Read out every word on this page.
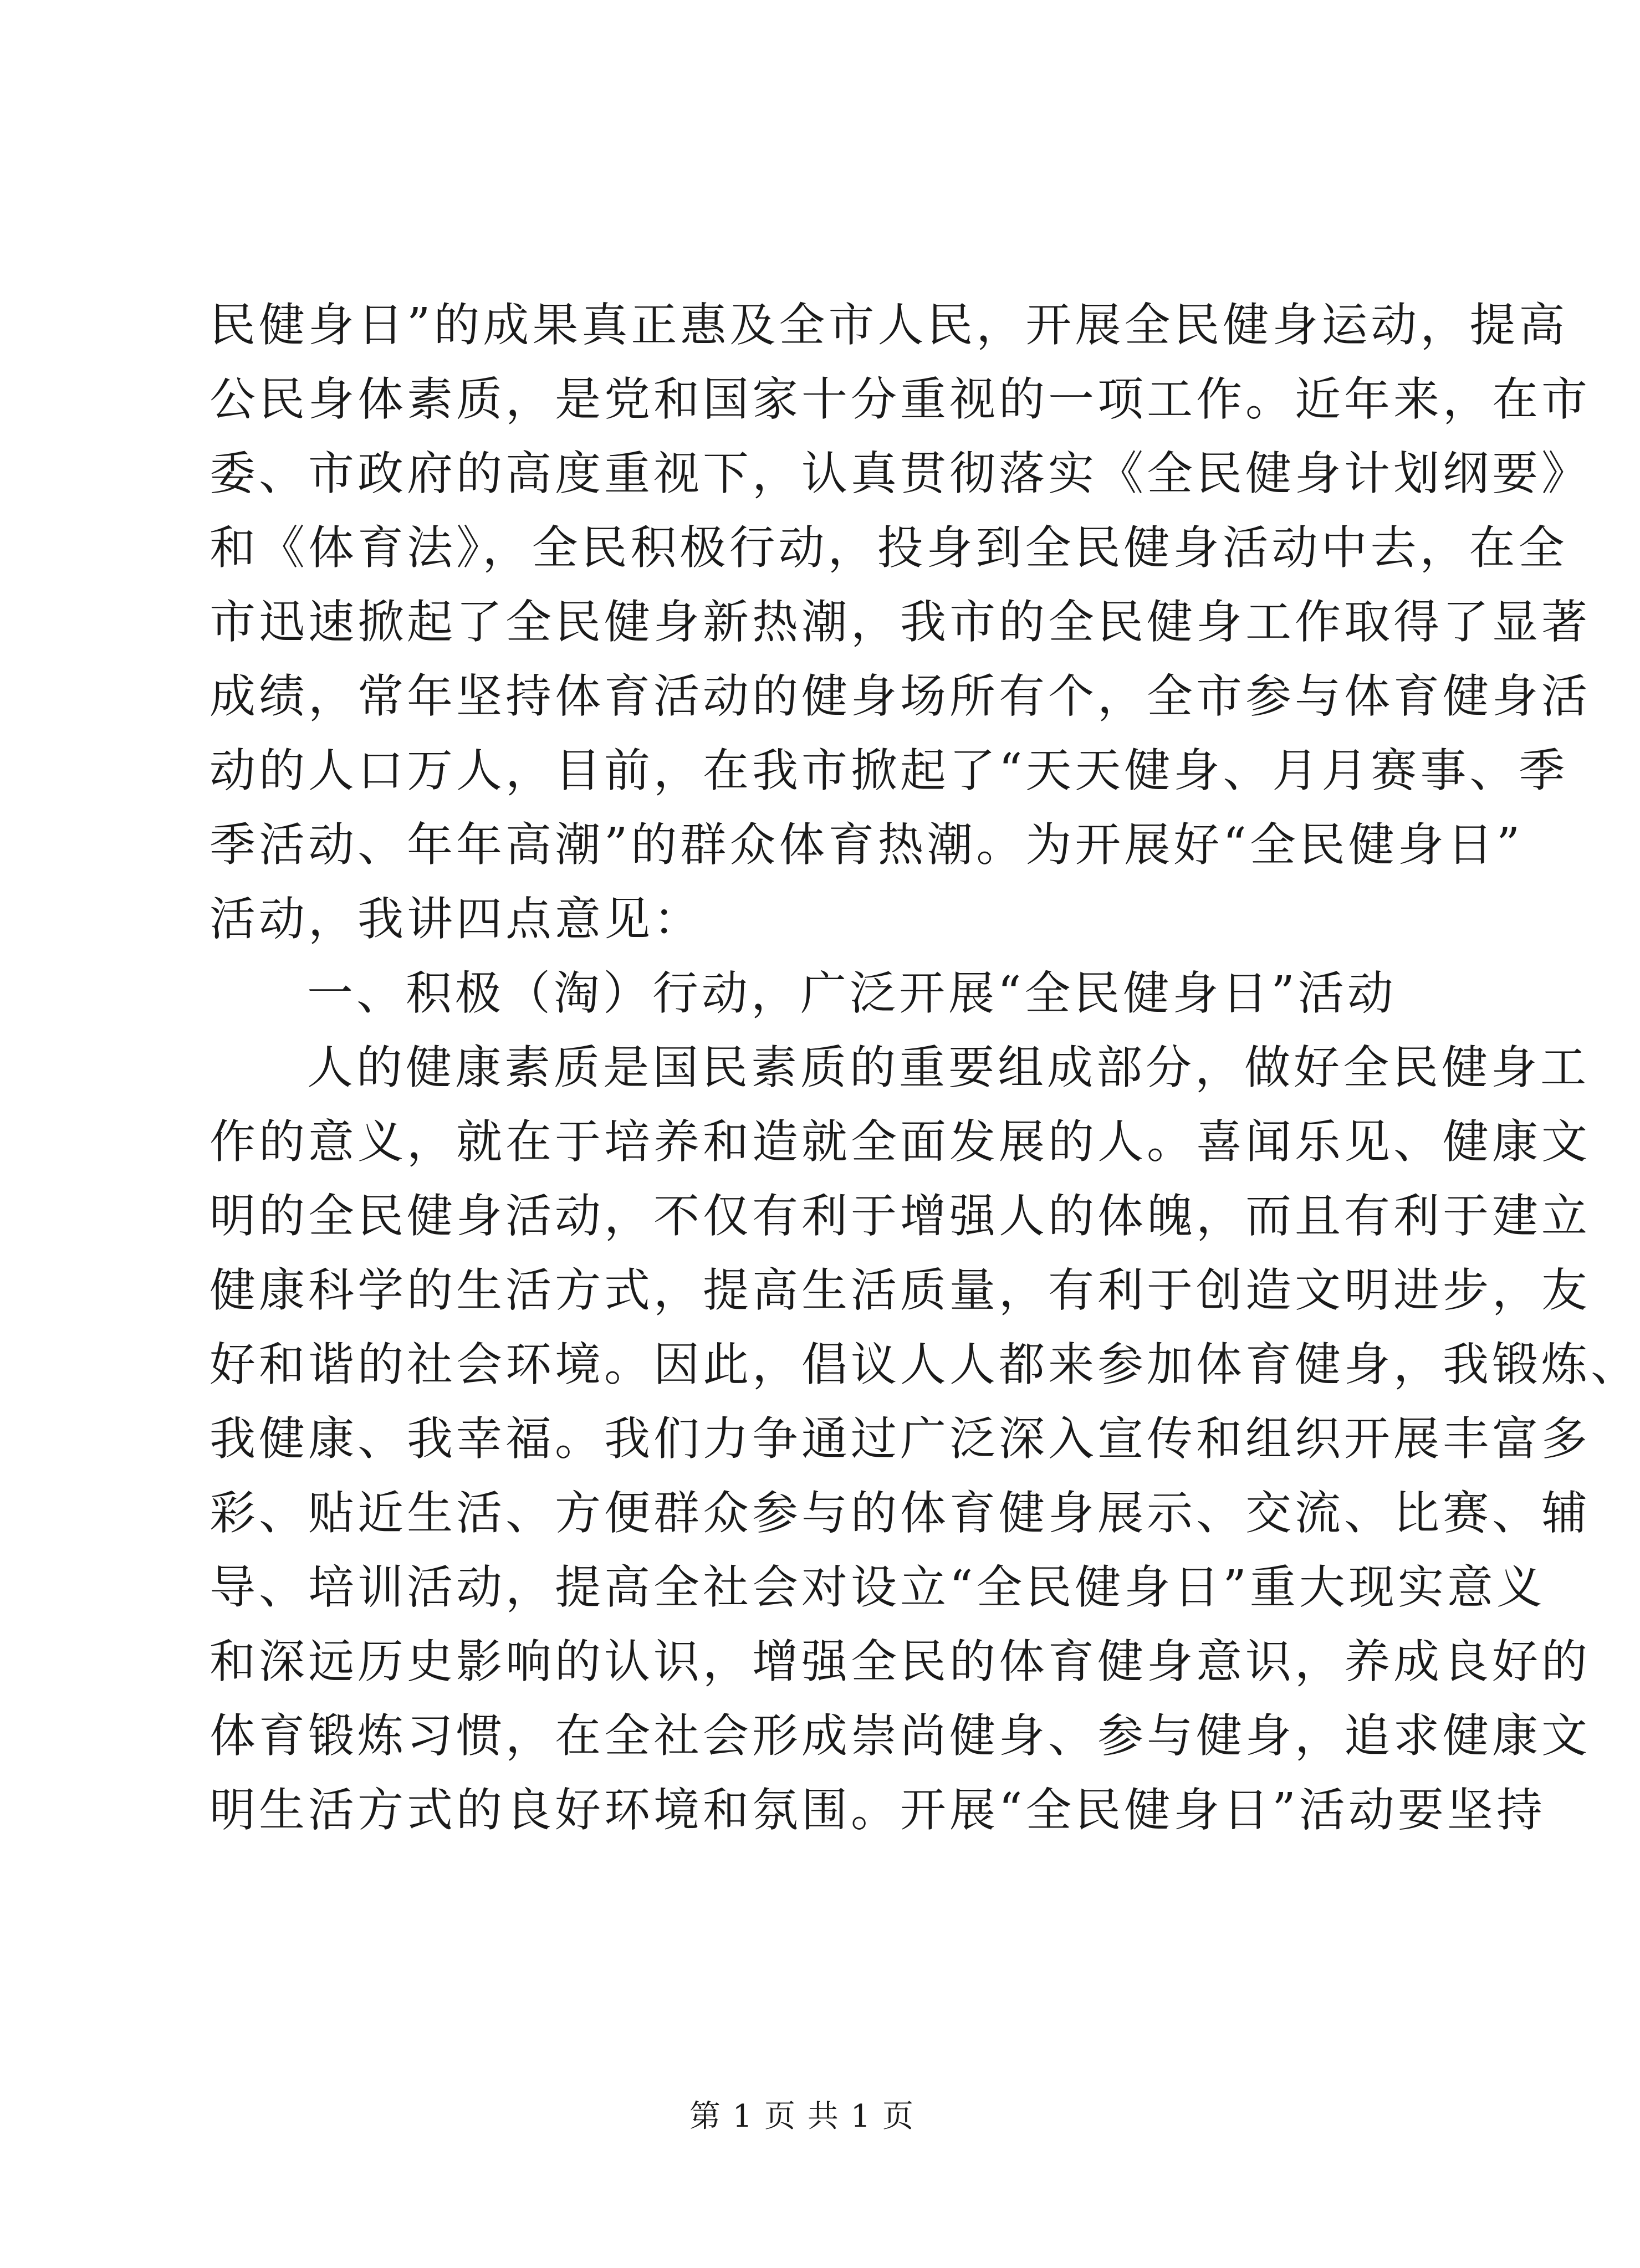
民健身日”的成果真正惠及全市人民，开展全民健身运动，提高
公民身体素质，是党和国家十分重视的一项工作。近年来，在市
委、市政府的高度重视下，认真贯彻落实《全民健身计划纲要》
和《体育法》，全民积极行动，投身到全民健身活动中去，在全
市迅速掀起了全民健身新热潮，我市的全民健身工作取得了显著
成绩，常年坚持体育活动的健身场所有个，全市参与体育健身活
动的人口万人，目前，在我市掀起了“天天健身、月月赛事、季
季活动、年年高潮”的群众体育热潮。为开展好“全民健身日”
活动，我讲四点意见：
一、积极（淘）行动，广泛开展“全民健身日”活动
人的健康素质是国民素质的重要组成部分，做好全民健身工
作的意义，就在于培养和造就全面发展的人。喜闻乐见、健康文
明的全民健身活动，不仅有利于增强人的体魄，而且有利于建立
健康科学的生活方式，提高生活质量，有利于创造文明进步，友
好和谐的社会环境。因此，倡议人人都来参加体育健身，我锻炼、
我健康、我幸福。我们力争通过广泛深入宣传和组织开展丰富多
彩、贴近生活、方便群众参与的体育健身展示、交流、比赛、辅
导、培训活动，提高全社会对设立“全民健身日”重大现实意义
和深远历史影响的认识，增强全民的体育健身意识，养成良好的
体育锻炼习惯，在全社会形成崇尚健身、参与健身，追求健康文
明生活方式的良好环境和氛围。开展“全民健身日”活动要坚持
第 1 页 共 1 页
